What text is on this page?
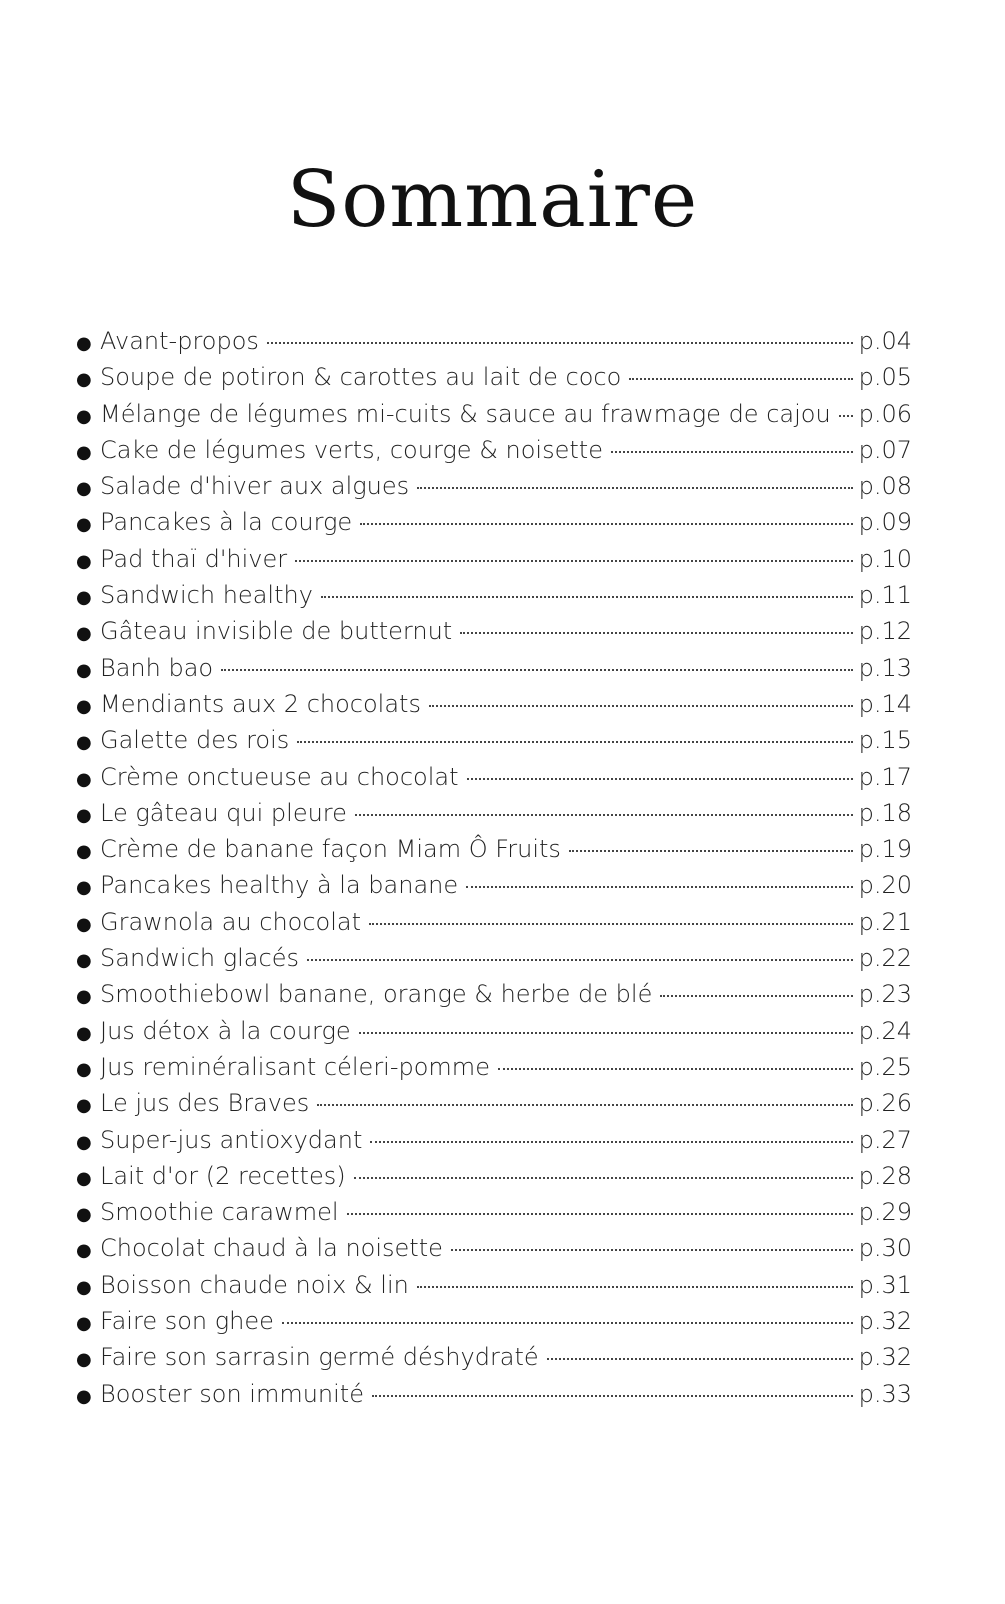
Sommaire
● Avant-propos	p.04
● Soupe de potiron & carottes au lait de coco	p.05
● Mélange de légumes mi-cuits & sauce au frawmage de cajou p.06
● Cake de légumes verts, courge & noisette	p.07
● Salade d'hiver aux algues	p.08
● Pancakes à la courge	p.09
● Pad thaï d'hiver	p.10
● Sandwich healthy	p.11
● Gâteau invisible de butternut	p.12
● Banh bao	p.13
● Mendiants aux 2 chocolats	p.14
● Galette des rois	p.15
● Crème onctueuse au chocolat	p.17
● Le gâteau qui pleure	p.18
● Crème de banane façon Miam Ô Fruits	p.19
● Pancakes healthy à la banane	p.20
● Grawnola au chocolat	p.21
● Sandwich glacés	p.22
● Smoothiebowl banane, orange & herbe de blé	p.23
● Jus détox à la courge	p.24
● Jus reminéralisant céleri-pomme	p.25
● Le jus des Braves	p.26
● Super-jus antioxydant	p.27
● Lait d'or (2 recettes)	p.28
● Smoothie carawmel	p.29
● Chocolat chaud à la noisette	p.30
● Boisson chaude noix & lin	p.31
● Faire son ghee	p.32
● Faire son sarrasin germé déshydraté	p.32
● Booster son immunité	p.33
